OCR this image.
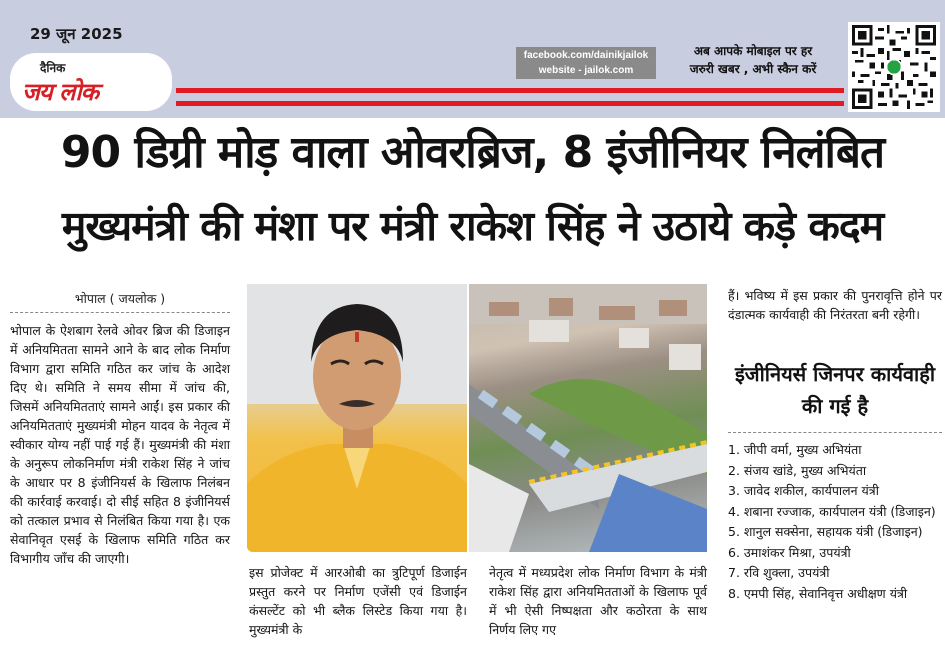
29 जून 2025
दैनिक
जय लोक
facebook.com/dainikjailok
website - jailok.com
अब आपके मोबाइल पर हर
जरुरी खबर , अभी स्कैन करें
90 डिग्री मोड़ वाला ओवरब्रिज, 8 इंजीनियर निलंबित
मुख्यमंत्री की मंशा पर मंत्री राकेश सिंह ने उठाये कड़े कदम
भोपाल ( जयलोक )
भोपाल के ऐशबाग रेलवे ओवर ब्रिज की डिजाइन में अनियमितता सामने आने के बाद लोक निर्माण विभाग द्वारा समिति गठित कर जांच के आदेश दिए थे। समिति ने समय सीमा में जांच की, जिसमें अनियमितताएं सामने आईं। इस प्रकार की अनियमितताएं मुख्यमंत्री मोहन यादव के नेतृत्व में स्वीकार योग्य नहीं पाई गई हैं। मुख्यमंत्री की मंशा के अनुरूप लोकनिर्माण मंत्री राकेश सिंह ने जांच के आधार पर 8 इंजीनियर्स के खिलाफ निलंबन की कार्रवाई करवाई। दो सीई सहित 8 इंजीनियर्स को तत्काल प्रभाव से निलंबित किया गया है। एक सेवानिवृत एसई के खिलाफ समिति गठित कर विभागीय जाँच की जाएगी।
इस प्रोजेक्ट में आरओबी का त्रुटिपूर्ण डिजाईन प्रस्तुत करने पर निर्माण एजेंसी एवं डिजाईन कंसल्टेंट को भी ब्लैक लिस्टेड किया गया है। मुख्यमंत्री के
नेतृत्व में मध्यप्रदेश लोक निर्माण विभाग के मंत्री राकेश सिंह द्वारा अनियमितताओं के खिलाफ पूर्व में भी ऐसी निष्पक्षता और कठोरता के साथ निर्णय लिए गए
हैं। भविष्य में इस प्रकार की पुनरावृत्ति होने पर दंडात्मक कार्यवाही की निरंतरता बनी रहेगी।
इंजीनियर्स जिनपर कार्यवाही की गई है
1. जीपी वर्मा, मुख्य अभियंता
2. संजय खांडे, मुख्य अभियंता
3. जावेद शकील, कार्यपालन यंत्री
4. शबाना रज्जाक, कार्यपालन यंत्री (डिजाइन)
5. शानुल सक्सेना, सहायक यंत्री (डिजाइन)
6. उमाशंकर मिश्रा, उपयंत्री
7. रवि शुक्ला, उपयंत्री
8. एमपी सिंह, सेवानिवृत्त अधीक्षण यंत्री
